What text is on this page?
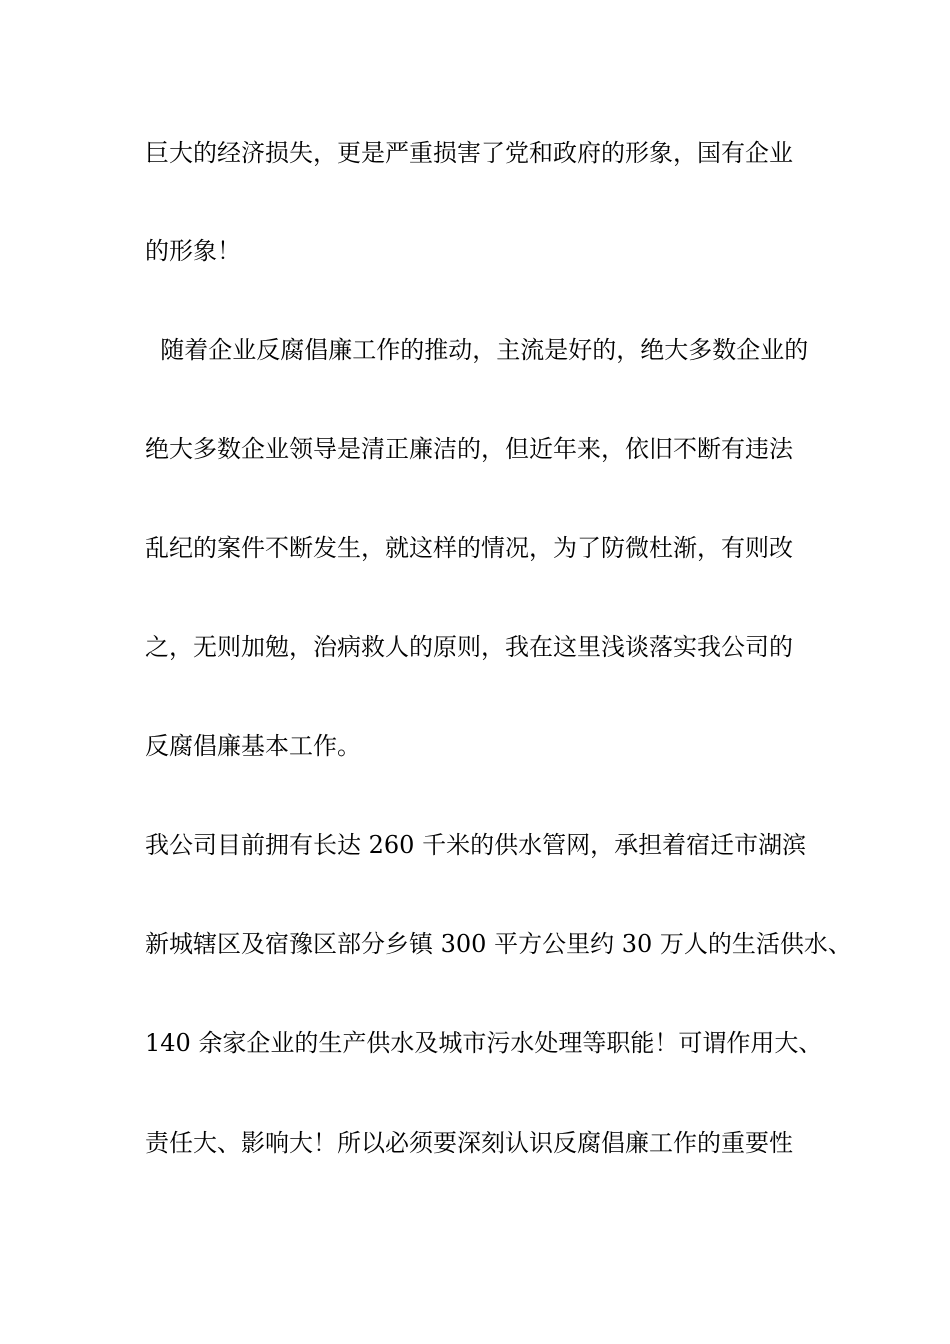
巨大的经济损失，更是严重损害了党和政府的形象，国有企业

的形象！

随着企业反腐倡廉工作的推动，主流是好的，绝大多数企业的

绝大多数企业领导是清正廉洁的，但近年来，依旧不断有违法

乱纪的案件不断发生，就这样的情况，为了防微杜渐，有则改

之，无则加勉，治病救人的原则，我在这里浅谈落实我公司的

反腐倡廉基本工作。

我公司目前拥有长达 260 千米的供水管网，承担着宿迁市湖滨

新城辖区及宿豫区部分乡镇 300 平方公里约 30 万人的生活供水、

140 余家企业的生产供水及城市污水处理等职能！可谓作用大、

责任大、影响大！所以必须要深刻认识反腐倡廉工作的重要性
